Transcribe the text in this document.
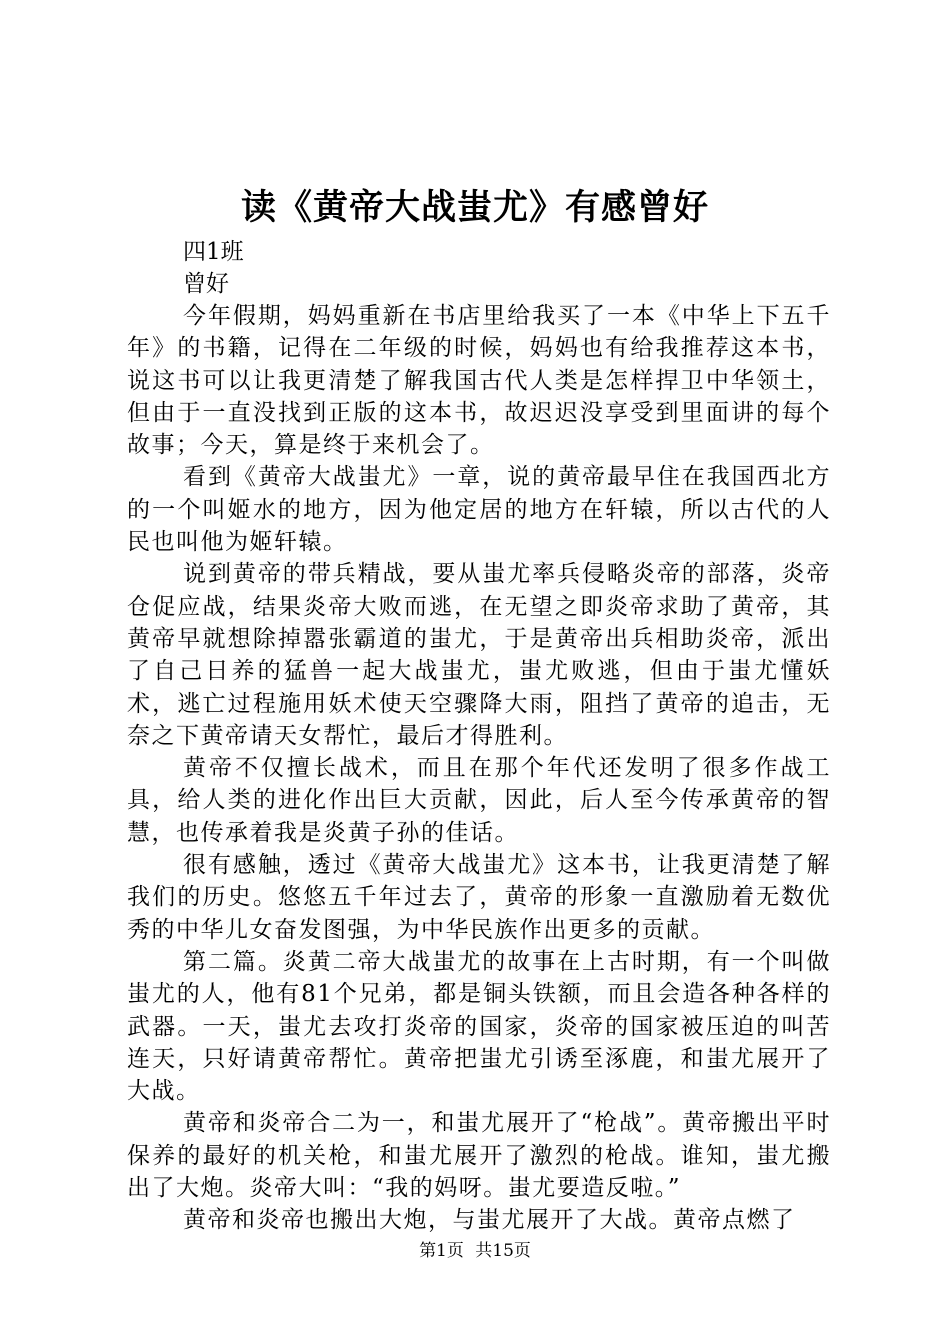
读《黄帝大战蚩尤》有感曾好

四1班

曾好

今年假期，妈妈重新在书店里给我买了一本《中华上下五千年》的书籍，记得在二年级的时候，妈妈也有给我推荐这本书，说这书可以让我更清楚了解我国古代人类是怎样捍卫中华领土，但由于一直没找到正版的这本书，故迟迟没享受到里面讲的每个故事；今天，算是终于来机会了。

看到《黄帝大战蚩尤》一章，说的黄帝最早住在我国西北方的一个叫姬水的地方，因为他定居的地方在轩辕，所以古代的人民也叫他为姬轩辕。

说到黄帝的带兵精战，要从蚩尤率兵侵略炎帝的部落，炎帝仓促应战，结果炎帝大败而逃，在无望之即炎帝求助了黄帝，其黄帝早就想除掉嚣张霸道的蚩尤，于是黄帝出兵相助炎帝，派出了自己日养的猛兽一起大战蚩尤，蚩尤败逃，但由于蚩尤懂妖术，逃亡过程施用妖术使天空骤降大雨，阻挡了黄帝的追击，无奈之下黄帝请天女帮忙，最后才得胜利。

黄帝不仅擅长战术，而且在那个年代还发明了很多作战工具，给人类的进化作出巨大贡献，因此，后人至今传承黄帝的智慧，也传承着我是炎黄子孙的佳话。

很有感触，透过《黄帝大战蚩尤》这本书，让我更清楚了解我们的历史。悠悠五千年过去了，黄帝的形象一直激励着无数优秀的中华儿女奋发图强，为中华民族作出更多的贡献。

第二篇。炎黄二帝大战蚩尤的故事在上古时期，有一个叫做蚩尤的人，他有81个兄弟，都是铜头铁额，而且会造各种各样的武器。一天，蚩尤去攻打炎帝的国家，炎帝的国家被压迫的叫苦连天，只好请黄帝帮忙。黄帝把蚩尤引诱至涿鹿，和蚩尤展开了大战。

黄帝和炎帝合二为一，和蚩尤展开了“枪战”。黄帝搬出平时保养的最好的机关枪，和蚩尤展开了激烈的枪战。谁知，蚩尤搬出了大炮。炎帝大叫：“我的妈呀。蚩尤要造反啦。”

黄帝和炎帝也搬出大炮，与蚩尤展开了大战。黄帝点燃了

第1页 共15页
